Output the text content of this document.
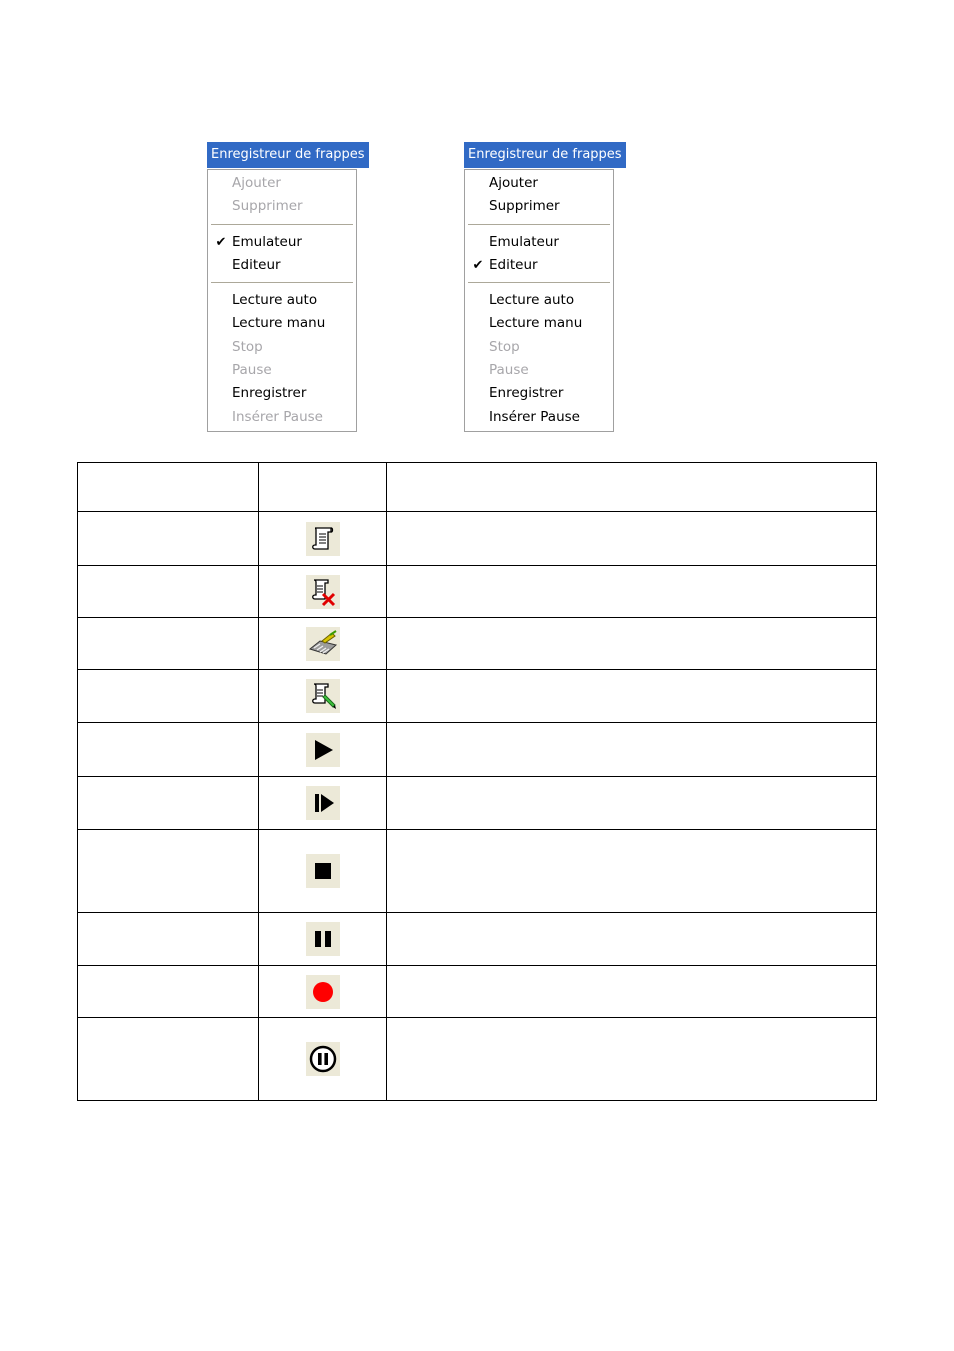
Enregistreur de frappes
Ajouter
Supprimer
✔ Emulateur
Editeur
Lecture auto
Lecture manu
Stop
Pause
Enregistrer
Insérer Pause
Enregistreur de frappes
Ajouter
Supprimer
Emulateur
✔ Editeur
Lecture auto
Lecture manu
Stop
Pause
Enregistrer
Insérer Pause
